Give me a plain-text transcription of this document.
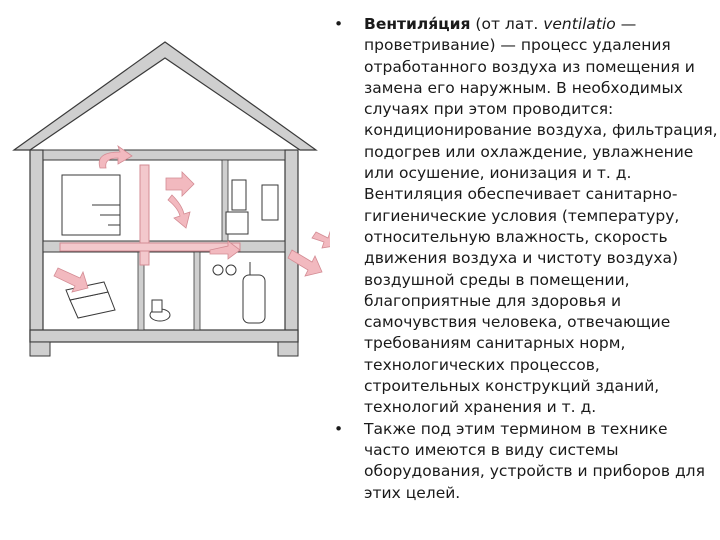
• Вентиля́ция (от лат. ventilatio — проветривание) — процесс удаления отработанного воздуха из помещения и замена его наружным. В необходимых случаях при этом проводится: кондиционирование воздуха, фильтрация, подогрев или охлаждение, увлажнение или осушение, ионизация и т. д. Вентиляция обеспечивает санитарно-гигиенические условия (температуру, относительную влажность, скорость движения воздуха и чистоту воздуха) воздушной среды в помещении, благоприятные для здоровья и самочувствия человека, отвечающие требованиям санитарных норм, технологических процессов, строительных конструкций зданий, технологий хранения и т. д.
• Также под этим термином в технике часто имеются в виду системы оборудования, устройств и приборов для этих целей.
